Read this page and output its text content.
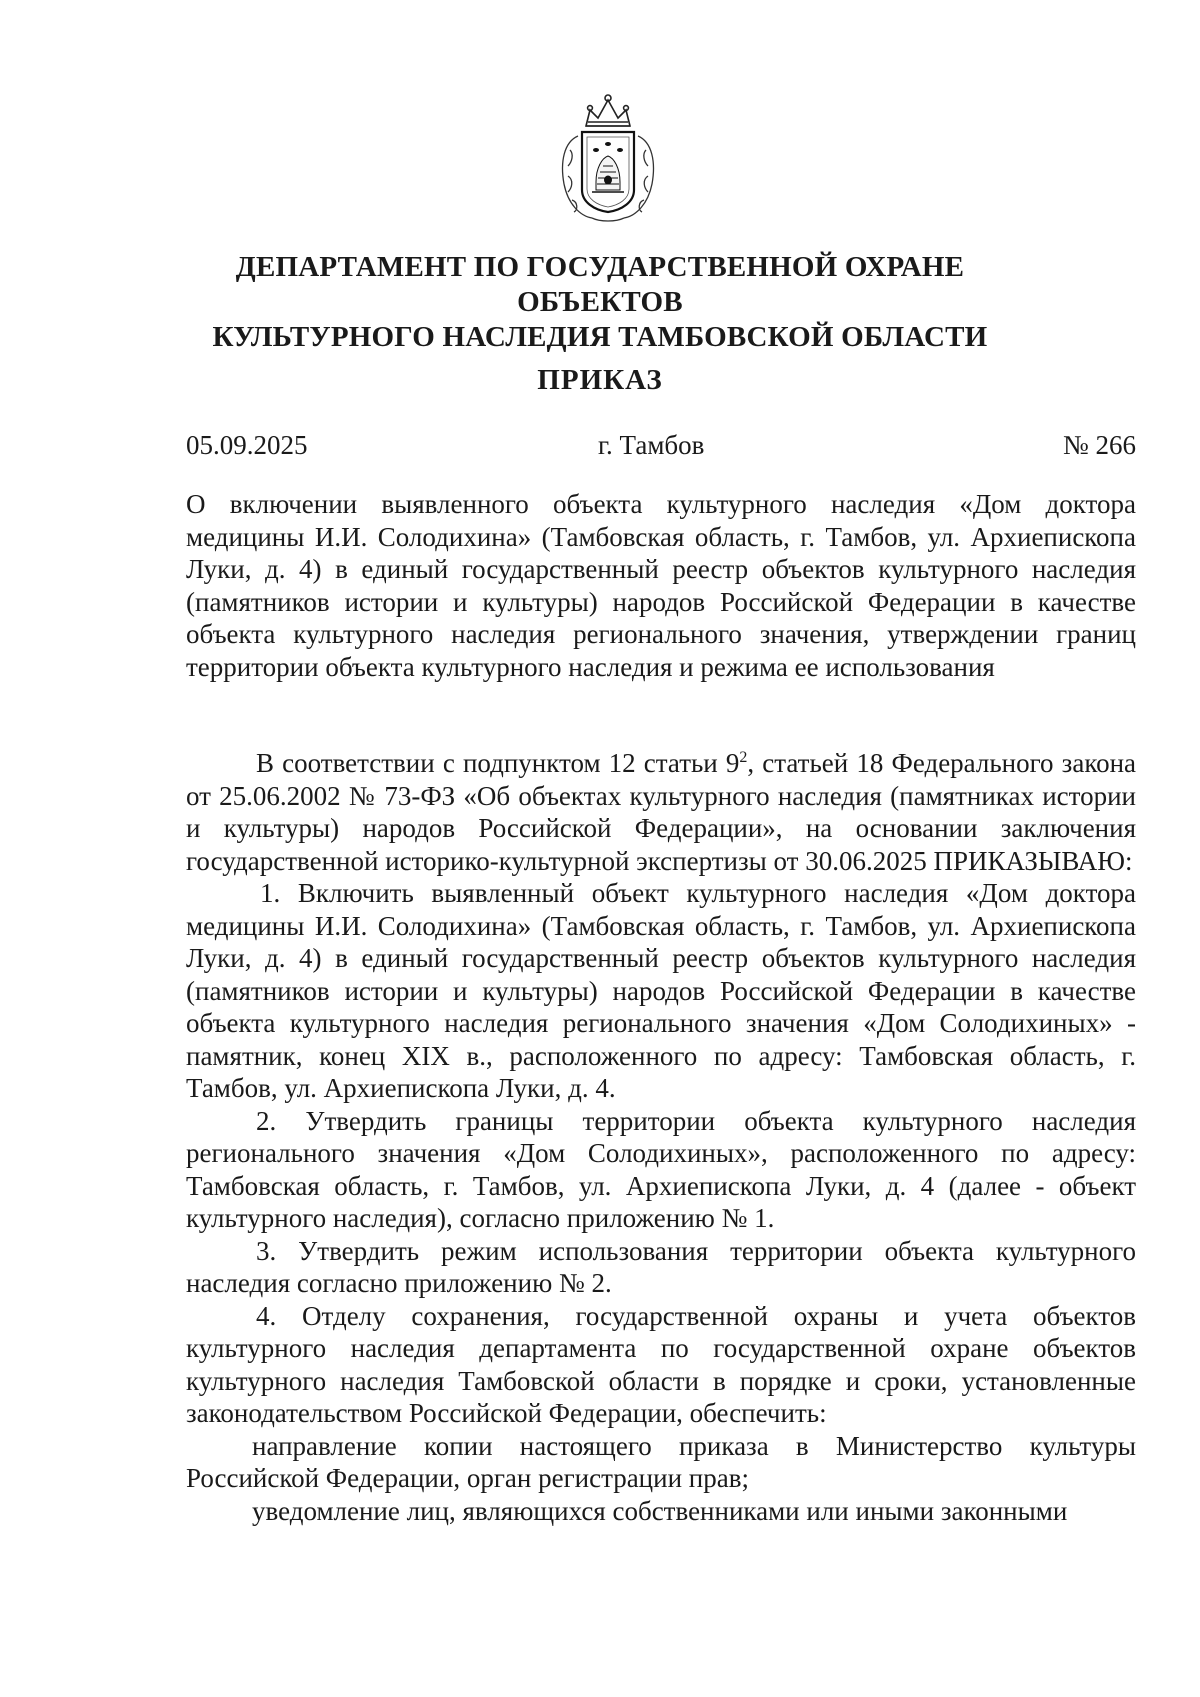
ДЕПАРТАМЕНТ ПО ГОСУДАРСТВЕННОЙ ОХРАНЕ ОБЪЕКТОВ
КУЛЬТУРНОГО НАСЛЕДИЯ ТАМБОВСКОЙ ОБЛАСТИ
ПРИКАЗ
05.09.2025	г. Тамбов	№ 266
О включении выявленного объекта культурного наследия «Дом доктора медицины И.И. Солодихина» (Тамбовская область, г. Тамбов, ул. Архиепископа Луки, д. 4) в единый государственный реестр объектов культурного наследия (памятников истории и культуры) народов Российской Федерации в качестве объекта культурного наследия регионального значения, утверждении границ территории объекта культурного наследия и режима ее использования

В соответствии с подпунктом 12 статьи $9^2$, статьей 18 Федерального закона от 25.06.2002 № 73-ФЗ «Об объектах культурного наследия (памятниках истории и культуры) народов Российской Федерации», на основании заключения государственной историко-культурной экспертизы от 30.06.2025 ПРИКАЗЫВАЮ:

1. Включить выявленный объект культурного наследия «Дом доктора медицины И.И. Солодихина» (Тамбовская область, г. Тамбов, ул. Архиепископа Луки, д. 4) в единый государственный реестр объектов культурного наследия (памятников истории и культуры) народов Российской Федерации в качестве объекта культурного наследия регионального значения «Дом Солодихиных» - памятник, конец XIX в., расположенного по адресу: Тамбовская область, г. Тамбов, ул. Архиепископа Луки, д. 4.

2. Утвердить границы территории объекта культурного наследия регионального значения «Дом Солодихиных», расположенного по адресу: Тамбовская область, г. Тамбов, ул. Архиепископа Луки, д. 4 (далее - объект культурного наследия), согласно приложению № 1.

3. Утвердить режим использования территории объекта культурного наследия согласно приложению № 2.

4. Отделу сохранения, государственной охраны и учета объектов культурного наследия департамента по государственной охране объектов культурного наследия Тамбовской области в порядке и сроки, установленные законодательством Российской Федерации, обеспечить:

направление копии настоящего приказа в Министерство культуры Российской Федерации, орган регистрации прав;

уведомление лиц, являющихся собственниками или иными законными
